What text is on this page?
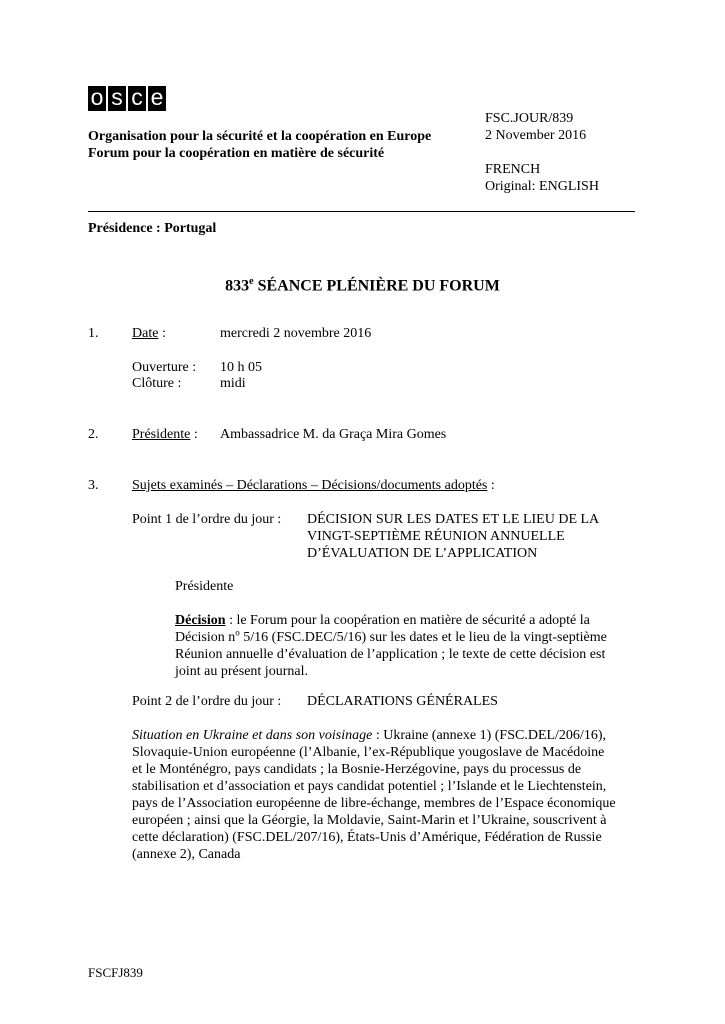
o s c e
Organisation pour la sécurité et la coopération en Europe
Forum pour la coopération en matière de sécurité
FSC.JOUR/839
2 November 2016
FRENCH
Original: ENGLISH
Présidence : Portugal
833e SÉANCE PLÉNIÈRE DU FORUM
1. Date :	mercredi 2 novembre 2016
Ouverture : 10 h 05
Clôture :	midi
2. Présidente : Ambassadrice M. da Graça Mira Gomes
3. Sujets examinés – Déclarations – Décisions/documents adoptés :
Point 1 de l’ordre du jour : DÉCISION SUR LES DATES ET LE LIEU DE LA
VINGT-SEPTIÈME RÉUNION ANNUELLE
D’ÉVALUATION DE L’APPLICATION
Présidente
Décision : le Forum pour la coopération en matière de sécurité a adopté la
Décision $n^o$ 5/16 (FSC.DEC/5/16) sur les dates et le lieu de la vingt-septième
Réunion annuelle d’évaluation de l’application ; le texte de cette décision est
joint au présent journal.
Point 2 de l’ordre du jour : DÉCLARATIONS GÉNÉRALES
Situation en Ukraine et dans son voisinage : Ukraine (annexe 1) (FSC.DEL/206/16),
Slovaquie-Union européenne (l’Albanie, l’ex-République yougoslave de Macédoine
et le Monténégro, pays candidats ; la Bosnie-Herzégovine, pays du processus de
stabilisation et d’association et pays candidat potentiel ; l’Islande et le Liechtenstein,
pays de l’Association européenne de libre-échange, membres de l’Espace économique
européen ; ainsi que la Géorgie, la Moldavie, Saint-Marin et l’Ukraine, souscrivent à
cette déclaration) (FSC.DEL/207/16), États-Unis d’Amérique, Fédération de Russie
(annexe 2), Canada
FSCFJ839
